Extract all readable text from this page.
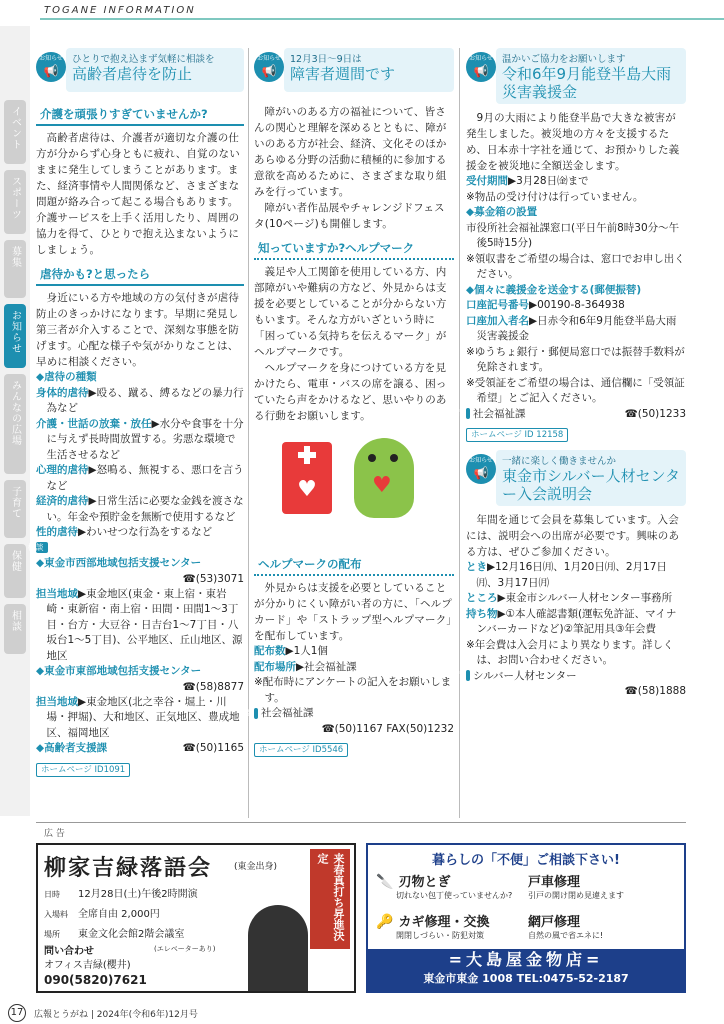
TOGANE INFORMATION
イベント
スポーツ
募集
お知らせ
みんなの広場
子育て
保健
相談
お知らせ
📢
ひとりで抱え込まず気軽に相談を
高齢者虐待を防止
介護を頑張りすぎていませんか?

高齢者虐待は、介護者が適切な介護の仕方が分からず心身ともに疲れ、自覚のないままに発生してしまうことがあります。また、経済事情や人間関係など、さまざまな問題が絡み合って起こる場合もあります。介護サービスを上手く活用したり、周囲の協力を得て、ひとりで抱え込まないようにしましょう。

虐待かも?と思ったら

身近にいる方や地域の方の気付きが虐待防止のきっかけになります。早期に発見し第三者が介入することで、深刻な事態を防げます。心配な様子や気がかりなことは、早めに相談ください。

◆虐待の種類
身体的虐待▶殴る、蹴る、縛るなどの暴力行為など
介護・世話の放棄・放任▶水分や食事を十分に与えず長時間放置する。劣悪な環境で生活させるなど
心理的虐待▶怒鳴る、無視する、悪口を言うなど
経済的虐待▶日常生活に必要な金銭を渡さない。年金や預貯金を無断で使用するなど
性的虐待▶わいせつな行為をするなど
相談
◆東金市西部地域包括支援センター
☎(53)3071
担当地域▶東金地区(東金・東上宿・東岩崎・東新宿・南上宿・田間・田間1〜3丁目・台方・大豆谷・日吉台1〜7丁目・八坂台1〜5丁目)、公平地区、丘山地区、源地区
◆東金市東部地域包括支援センター
☎(58)8877
担当地域▶東金地区(北之幸谷・堀上・川場・押堀)、大和地区、正気地区、豊成地区、福岡地区
◆高齢者支援課	☎(50)1165
ホームページ ID1091
お知らせ
📢
12月3日〜9日は
障害者週間です

障がいのある方の福祉について、皆さんの関心と理解を深めるとともに、障がいのある方が社会、経済、文化そのほかあらゆる分野の活動に積極的に参加する意欲を高めるために、さまざまな取り組みを行っています。

障がい者作品展やチャレンジドフェスタ(10ページ)も開催します。

知っていますか?ヘルプマーク

義足や人工関節を使用している方、内部障がいや難病の方など、外見からは支援を必要としていることが分からない方もいます。そんな方がいざという時に「困っている気持ちを伝えるマーク」がヘルプマークです。

ヘルプマークを身につけている方を見かけたら、電車・バスの席を譲る、困っていたら声をかけるなど、思いやりのある行動をお願いします。

♥	♥
ヘルプマークの配布

外見からは支援を必要としていることが分かりにくい障がい者の方に、「ヘルプカード」や「ストラップ型ヘルプマーク」を配布しています。

配布数▶1人1個
配布場所▶社会福祉課
※配布時にアンケートの記入をお願いします。
問 社会福祉課
☎(50)1167 FAX(50)1232
ホームページ ID5546
お知らせ
📢
温かいご協力をお願いします
令和6年9月能登半島大雨災害義援金

9月の大雨により能登半島で大きな被害が発生しました。被災地の方々を支援するため、日本赤十字社を通じて、お預かりした義援金を被災地に全額送金します。

受付期間▶3月28日㈮まで
※物品の受け付けは行っていません。
◆募金箱の設置
市役所社会福祉課窓口(平日午前8時30分〜午後5時15分)
※領収書をご希望の場合は、窓口でお申し出ください。
◆個々に義援金を送金する(郵便振替)
口座記号番号▶00190-8-364938
口座加入者名▶日赤令和6年9月能登半島大雨災害義援金
※ゆうちょ銀行・郵便局窓口では振替手数料が免除されます。
※受領証をご希望の場合は、通信欄に「受領証希望」とご記入ください。
問 社会福祉課	☎(50)1233
ホームページ ID 12158
お知らせ
📢
一緒に楽しく働きませんか
東金市シルバー人材センター入会説明会

年間を通じて会員を募集しています。入会には、説明会への出席が必要です。興味のある方は、ぜひご参加ください。

とき▶12月16日㈪、1月20日㈪、2月17日㈪、3月17日㈪
ところ▶東金市シルバー人材センター事務所
持ち物▶①本人確認書類(運転免許証、マイナンバーカードなど)②筆記用具③年会費
※年会費は入会月により異なります。詳しくは、お問い合わせください。
問 シルバー人材センター
☎(58)1888
広 告
柳家吉緑落語会 (東金出身)	来春真打ち昇進決定
日時 12月28日(土)午後2時開演
入場料 全席自由 2,000円
場所 東金文化会館2階会議室
(エレベーターあり)
問い合わせ
オフィス吉緑(櫻井)
090(5820)7621
暮らしの「不便」ご相談下さい!
🔪 刃物とぎ
切れない包丁使っていませんか?
戸車修理
引戸の開け閉め見違えます
🔑 カギ修理・交換
開閉しづらい・防犯対策
網戸修理
自然の風で省エネに!
=大島屋金物店=
東金市東金 1008 TEL:0475-52-2187
17 広報とうがね | 2024年(令和6年)12月号
